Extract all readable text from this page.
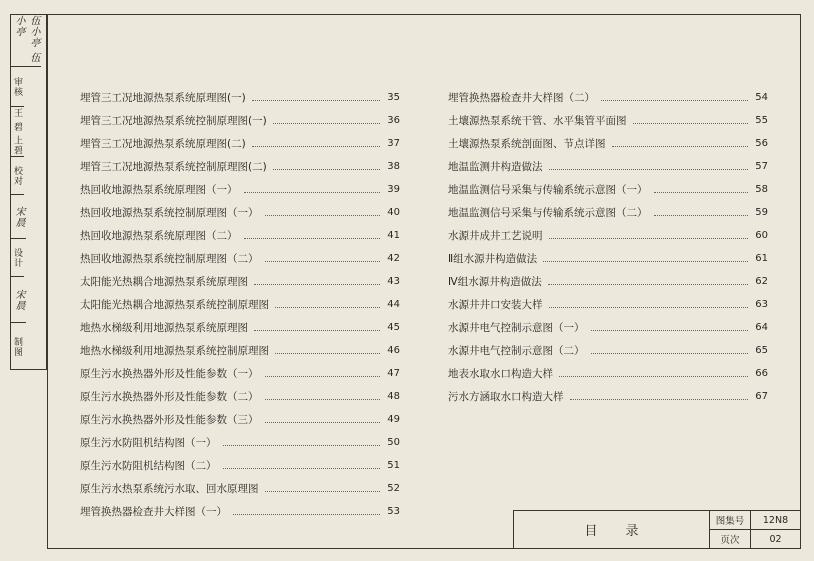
伍小亭 伍小亭
审核
王 碧 上碧
校对
宋晨
设计
宋晨
制图
埋管三工况地源热泵系统原理图(一)	35
埋管三工况地源热泵系统控制原理图(一)	36
埋管三工况地源热泵系统原理图(二)	37
埋管三工况地源热泵系统控制原理图(二)	38
热回收地源热泵系统原理图（一）	39
热回收地源热泵系统控制原理图（一）	40
热回收地源热泵系统原理图（二）	41
热回收地源热泵系统控制原理图（二）	42
太阳能光热耦合地源热泵系统原理图	43
太阳能光热耦合地源热泵系统控制原理图	44
地热水梯级利用地源热泵系统原理图	45
地热水梯级利用地源热泵系统控制原理图	46
原生污水换热器外形及性能参数（一）	47
原生污水换热器外形及性能参数（二）	48
原生污水换热器外形及性能参数（三）	49
原生污水防阻机结构图（一）	50
原生污水防阻机结构图（二）	51
原生污水热泵系统污水取、回水原理图	52
埋管换热器检查井大样图（一）	53
埋管换热器检查井大样图（二）	54
土壤源热泵系统干管、水平集管平面图	55
土壤源热泵系统剖面图、节点详图	56
地温监测井构造做法	57
地温监测信号采集与传输系统示意图（一）	58
地温监测信号采集与传输系统示意图（二）	59
水源井成井工艺说明	60
Ⅱ组水源井构造做法	61
Ⅳ组水源井构造做法	62
水源井井口安装大样	63
水源井电气控制示意图（一）	64
水源井电气控制示意图（二）	65
地表水取水口构造大样	66
污水方涵取水口构造大样	67
目录
图集号	12N8
页次	02
